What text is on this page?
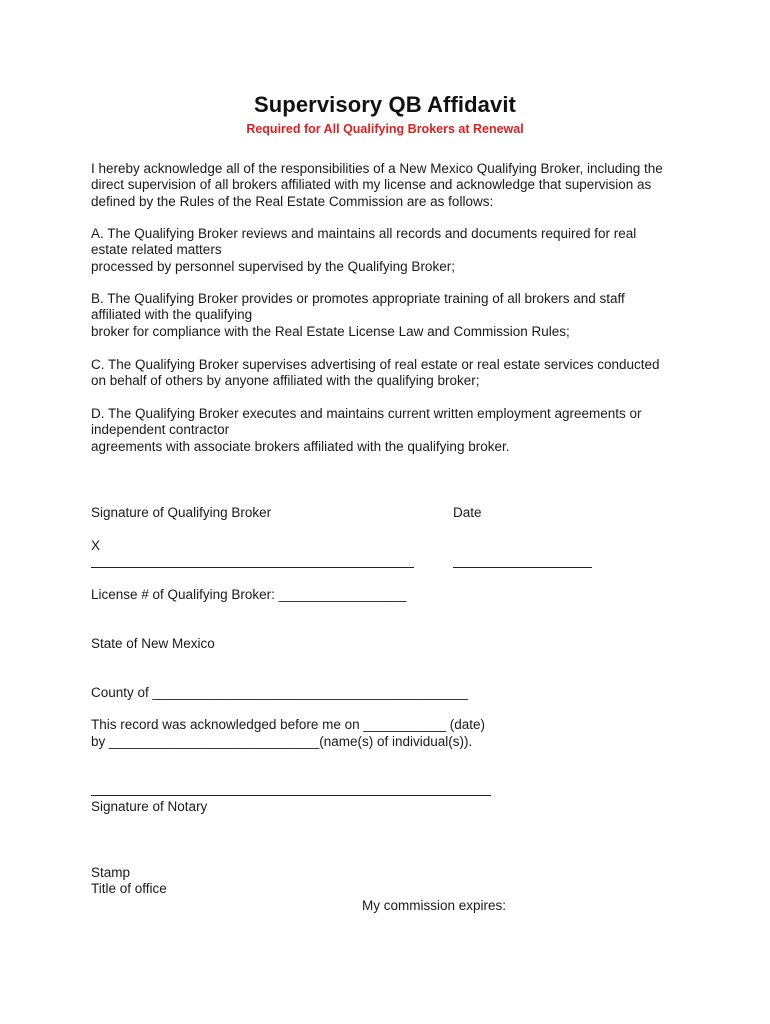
Supervisory QB Affidavit
Required for All Qualifying Brokers at Renewal
I hereby acknowledge all of the responsibilities of a New Mexico Qualifying Broker, including the
direct supervision of all brokers affiliated with my license and acknowledge that supervision as
defined by the Rules of the Real Estate Commission are as follows:
A. The Qualifying Broker reviews and maintains all records and documents required for real
estate related matters
processed by personnel supervised by the Qualifying Broker;
B. The Qualifying Broker provides or promotes appropriate training of all brokers and staff
affiliated with the qualifying
broker for compliance with the Real Estate License Law and Commission Rules;
C. The Qualifying Broker supervises advertising of real estate or real estate services conducted
on behalf of others by anyone affiliated with the qualifying broker;
D. The Qualifying Broker executes and maintains current written employment agreements or
independent contractor
agreements with associate brokers affiliated with the qualifying broker.
Signature of Qualifying Broker	Date
X
License # of Qualifying Broker: _________________
State of New Mexico
County of __________________________________________
This record was acknowledged before me on ___________ (date)
by ____________________________(name(s) of individual(s)).
Signature of Notary
Stamp
Title of office
My commission expires:
